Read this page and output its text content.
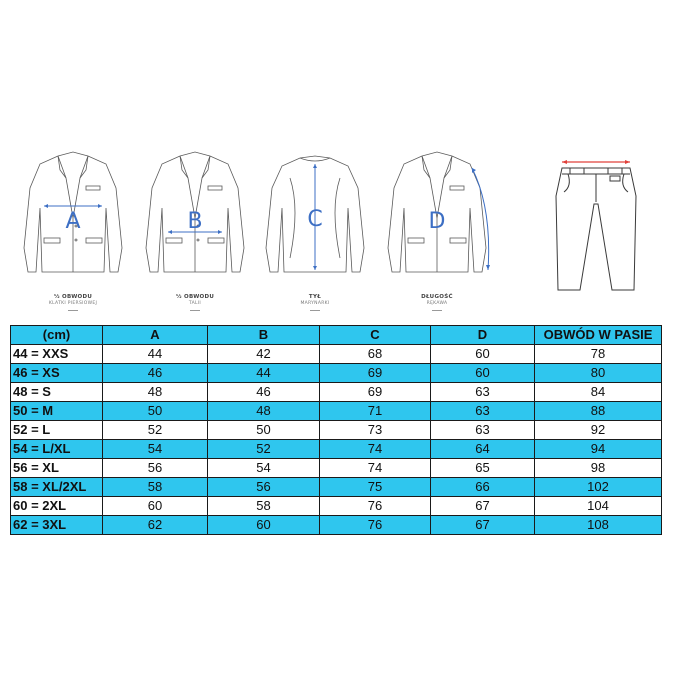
A
½ OBWODU
KLATKI PIERSIOWEJ
B
½ OBWODU
TALII
C
TYŁ
MARYNARKI
D
DŁUGOŚĆ
RĘKAWA
(cm)	A	B	C	D	OBWÓD W PASIE
44 = XXS	44	42	68	60	78
46 = XS	46	44	69	60	80
48 = S	48	46	69	63	84
50 = M	50	48	71	63	88
52 = L	52	50	73	63	92
54 = L/XL	54	52	74	64	94
56 = XL	56	54	74	65	98
58 = XL/2XL	58	56	75	66	102
60 = 2XL	60	58	76	67	104
62 = 3XL	62	60	76	67	108
